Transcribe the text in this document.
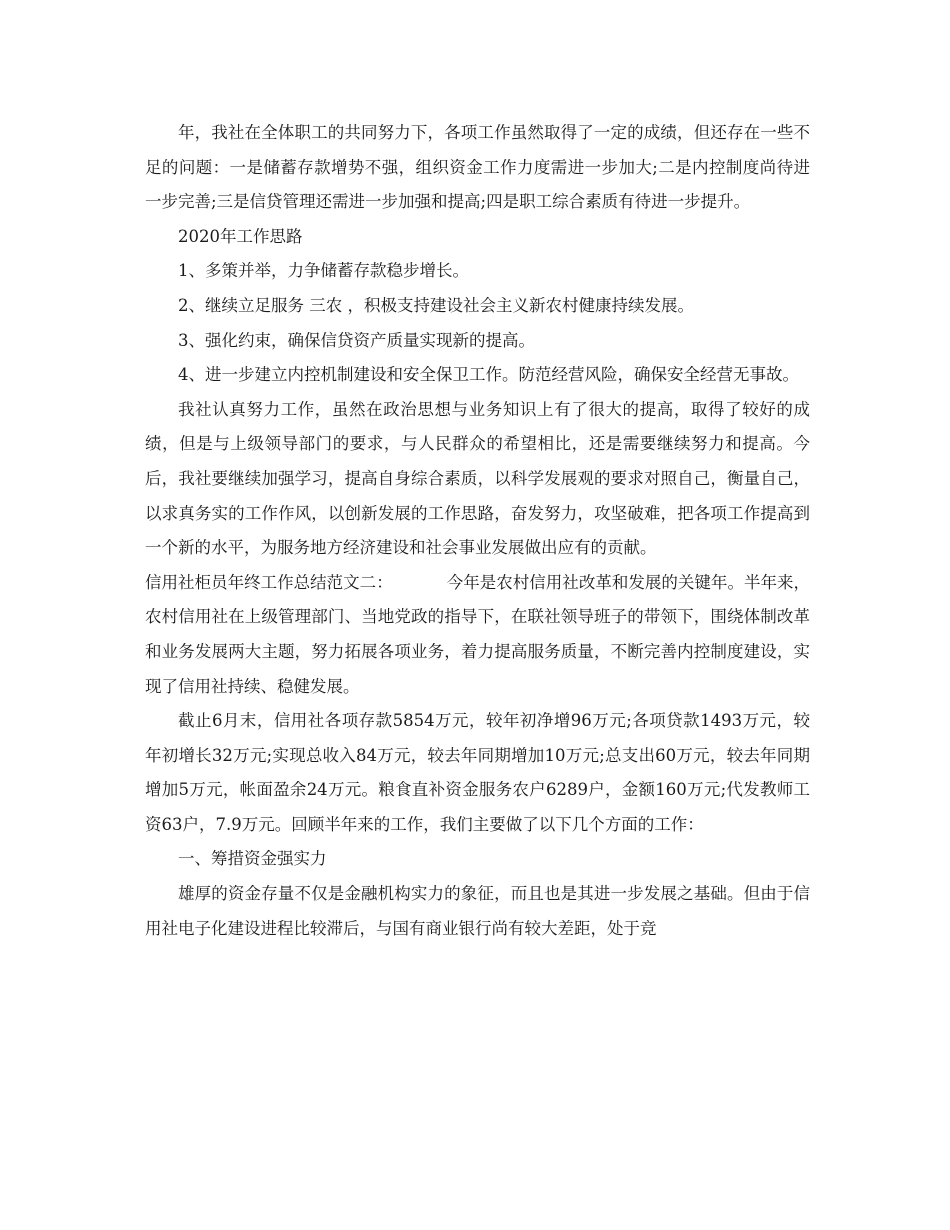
年，我社在全体职工的共同努力下，各项工作虽然取得了一定的成绩，但还存在一些不足的问题：一是储蓄存款增势不强，组织资金工作力度需进一步加大;二是内控制度尚待进一步完善;三是信贷管理还需进一步加强和提高;四是职工综合素质有待进一步提升。

2020年工作思路

1、多策并举，力争储蓄存款稳步增长。

2、继续立足服务 三农 ，积极支持建设社会主义新农村健康持续发展。

3、强化约束，确保信贷资产质量实现新的提高。

4、进一步建立内控机制建设和安全保卫工作。防范经营风险，确保安全经营无事故。

我社认真努力工作，虽然在政治思想与业务知识上有了很大的提高，取得了较好的成绩，但是与上级领导部门的要求，与人民群众的希望相比，还是需要继续努力和提高。今后，我社要继续加强学习，提高自身综合素质，以科学发展观的要求对照自己，衡量自己，以求真务实的工作作风，以创新发展的工作思路，奋发努力，攻坚破难，把各项工作提高到一个新的水平，为服务地方经济建设和社会事业发展做出应有的贡献。

信用社柜员年终工作总结范文二：	今年是农村信用社改革和发展的关键年。半年来，农村信用社在上级管理部门、当地党政的指导下，在联社领导班子的带领下，围绕体制改革和业务发展两大主题，努力拓展各项业务，着力提高服务质量，不断完善内控制度建设，实现了信用社持续、稳健发展。

截止6月末，信用社各项存款5854万元，较年初净增96万元;各项贷款1493万元，较年初增长32万元;实现总收入84万元，较去年同期增加10万元;总支出60万元，较去年同期增加5万元，帐面盈余24万元。粮食直补资金服务农户6289户，金额160万元;代发教师工资63户，7.9万元。回顾半年来的工作，我们主要做了以下几个方面的工作：

一、筹措资金强实力

雄厚的资金存量不仅是金融机构实力的象征，而且也是其进一步发展之基础。但由于信用社电子化建设进程比较滞后，与国有商业银行尚有较大差距，处于竞
